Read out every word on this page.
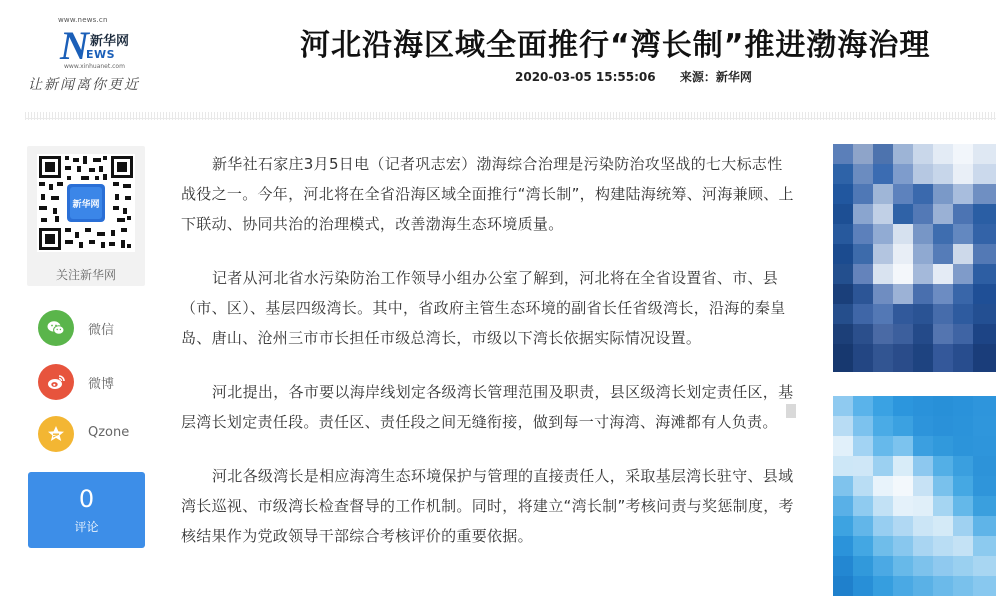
www.news.cn
N 新华网
EWS
www.xinhuanet.com
让新闻离你更近
河北沿海区域全面推行“湾长制”推进渤海治理
2020-03-05 15:55:06 来源：新华网
新华网
关注新华网
微信
微博
Qzone
0
评论

新华社石家庄3月5日电（记者巩志宏）渤海综合治理是污染防治攻坚战的七大标志性战役之一。今年，河北将在全省沿海区域全面推行“湾长制”，构建陆海统筹、河海兼顾、上下联动、协同共治的治理模式，改善渤海生态环境质量。

记者从河北省水污染防治工作领导小组办公室了解到，河北将在全省设置省、市、县（市、区）、基层四级湾长。其中，省政府主管生态环境的副省长任省级湾长，沿海的秦皇岛、唐山、沧州三市市长担任市级总湾长，市级以下湾长依据实际情况设置。

河北提出，各市要以海岸线划定各级湾长管理范围及职责，县区级湾长划定责任区，基层湾长划定责任段。责任区、责任段之间无缝衔接，做到每一寸海湾、海滩都有人负责。

河北各级湾长是相应海湾生态环境保护与管理的直接责任人，采取基层湾长驻守、县域湾长巡视、市级湾长检查督导的工作机制。同时，将建立“湾长制”考核问责与奖惩制度，考核结果作为党政领导干部综合考核评价的重要依据。
